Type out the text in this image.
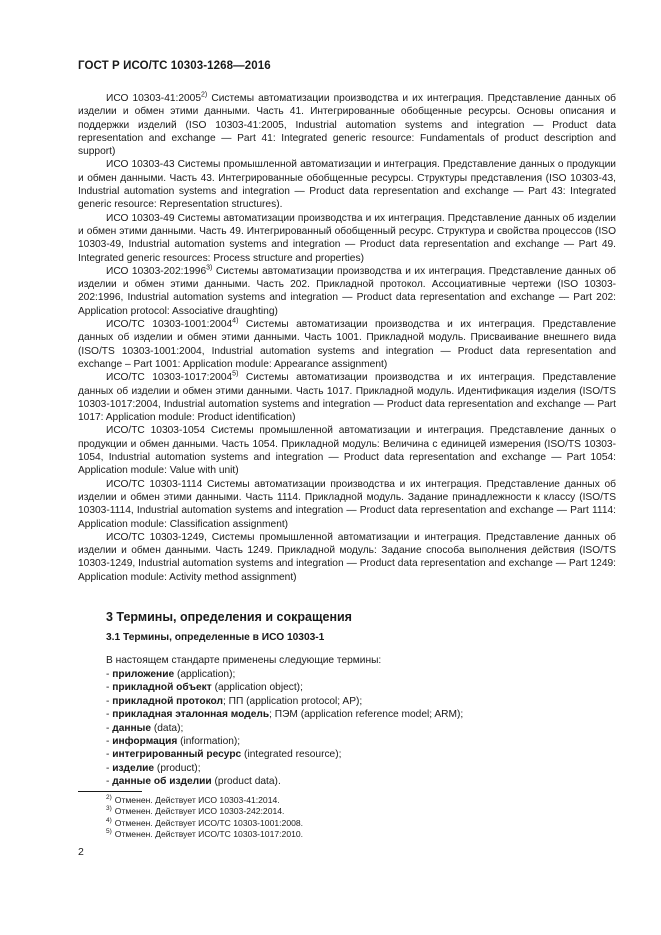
ГОСТ Р ИСО/ТС 10303-1268—2016

ИСО 10303-41:2005$^{2)}$ Системы автоматизации производства и их интеграция. Представление данных об изделии и обмен этими данными. Часть 41. Интегрированные обобщенные ресурсы. Основы описания и поддержки изделий (ISO 10303-41:2005, Industrial automation systems and integration — Product data representation and exchange — Part 41: Integrated generic resource: Fundamentals of product description and support)

ИСО 10303-43 Системы промышленной автоматизации и интеграция. Представление данных о продукции и обмен данными. Часть 43. Интегрированные обобщенные ресурсы. Структуры представления (ISO 10303-43, Industrial automation systems and integration — Product data representation and exchange — Part 43: Integrated generic resource: Representation structures).

ИСО 10303-49 Системы автоматизации производства и их интеграция. Представление данных об изделии и обмен этими данными. Часть 49. Интегрированный обобщенный ресурс. Структура и свойства процессов (ISO 10303-49, Industrial automation systems and integration — Product data representation and exchange — Part 49. Integrated generic resources: Process structure and properties)

ИСО 10303-202:1996$^{3)}$ Системы автоматизации производства и их интеграция. Представление данных об изделии и обмен этими данными. Часть 202. Прикладной протокол. Ассоциативные чертежи (ISO 10303-202:1996, Industrial automation systems and integration — Product data representation and exchange — Part 202: Application protocol: Associative draughting)

ИСО/ТС 10303-1001:2004$^{4)}$ Системы автоматизации производства и их интеграция. Представление данных об изделии и обмен этими данными. Часть 1001. Прикладной модуль. Присваивание внешнего вида (ISO/TS 10303-1001:2004, Industrial automation systems and integration — Product data representation and exchange – Part 1001: Application module: Appearance assignment)

ИСО/ТС 10303-1017:2004$^{5)}$ Системы автоматизации производства и их интеграция. Представление данных об изделии и обмен этими данными. Часть 1017. Прикладной модуль. Идентификация изделия (ISO/TS 10303-1017:2004, Industrial automation systems and integration — Product data representation and exchange — Part 1017: Application module: Product identification)

ИСО/ТС 10303-1054 Системы промышленной автоматизации и интеграция. Представление данных о продукции и обмен данными. Часть 1054. Прикладной модуль: Величина с единицей измерения (ISO/TS 10303-1054, Industrial automation systems and integration — Product data representation and exchange — Part 1054: Application module: Value with unit)

ИСО/ТС 10303-1114 Системы автоматизации производства и их интеграция. Представление данных об изделии и обмен этими данными. Часть 1114. Прикладной модуль. Задание принадлежности к классу (ISO/TS 10303-1114, Industrial automation systems and integration — Product data representation and exchange — Part 1114: Application module: Classification assignment)

ИСО/ТС 10303-1249, Системы промышленной автоматизации и интеграция. Представление данных об изделии и обмен данными. Часть 1249. Прикладной модуль: Задание способа выполнения действия (ISO/TS 10303-1249, Industrial automation systems and integration — Product data representation and exchange — Part 1249: Application module: Activity method assignment)

3 Термины, определения и сокращения
3.1 Термины, определенные в ИСО 10303-1
В настоящем стандарте применены следующие термины:
- приложение (application);
- прикладной объект (application object);
- прикладной протокол; ПП (application protocol; AP);
- прикладная эталонная модель; ПЭМ (application reference model; ARM);
- данные (data);
- информация (information);
- интегрированный ресурс (integrated resource);
- изделие (product);
- данные об изделии (product data).
$^{2)}$ Отменен. Действует ИСО 10303-41:2014.
$^{3)}$ Отменен. Действует ИСО 10303-242:2014.
$^{4)}$ Отменен. Действует ИСО/ТС 10303-1001:2008.
$^{5)}$ Отменен. Действует ИСО/ТС 10303-1017:2010.
2
